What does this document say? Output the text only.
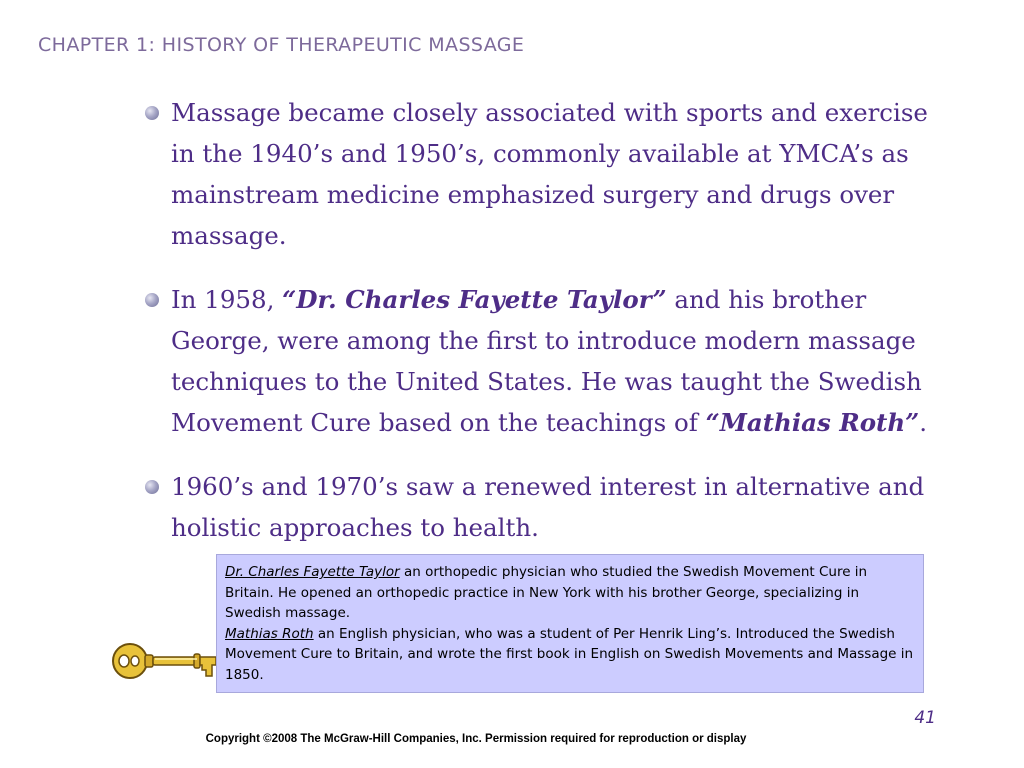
CHAPTER 1: HISTORY OF THERAPEUTIC MASSAGE
Massage became closely associated with sports and exercise in the 1940’s and 1950’s, commonly available at YMCA’s as mainstream medicine emphasized surgery and drugs over massage.
In 1958, “Dr. Charles Fayette Taylor” and his brother George, were among the first to introduce modern massage techniques to the United States. He was taught the Swedish Movement Cure based on the teachings of “Mathias Roth”.
1960’s and 1970’s saw a renewed interest in alternative and holistic approaches to health.
Dr. Charles Fayette Taylor an orthopedic physician who studied the Swedish Movement Cure in Britain. He opened an orthopedic practice in New York with his brother George, specializing in Swedish massage.
Mathias Roth an English physician, who was a student of Per Henrik Ling’s. Introduced the Swedish Movement Cure to Britain, and wrote the first book in English on Swedish Movements and Massage in 1850.
41
Copyright ©2008 The McGraw-Hill Companies, Inc. Permission required for reproduction or display
